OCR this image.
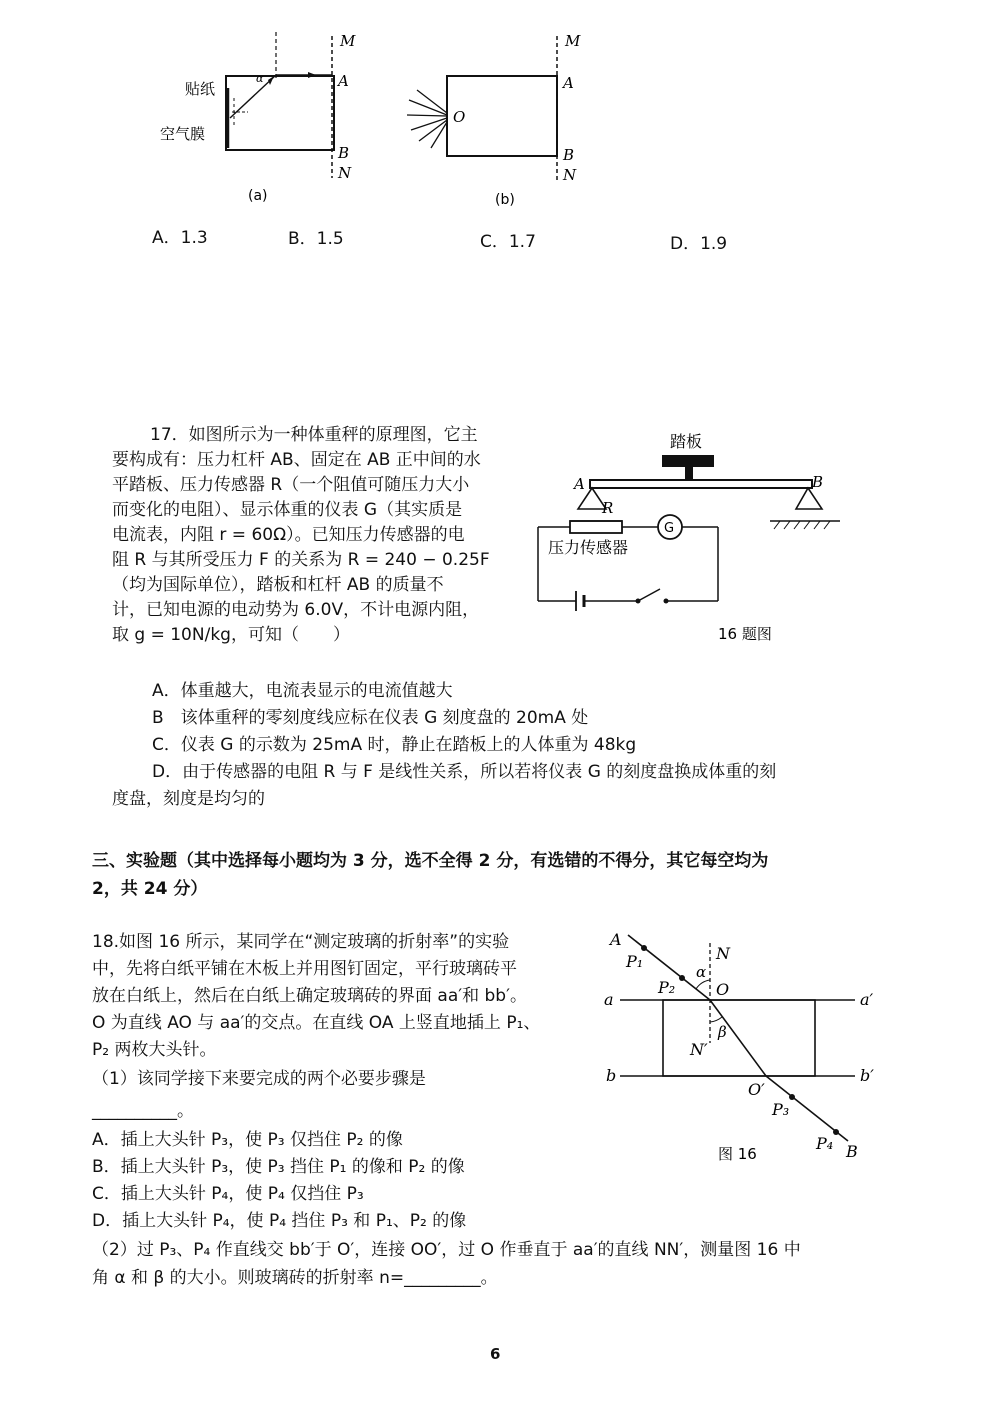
贴纸
空气膜
α
M
A
B
N
(a)
O
M
A
B
N
(b)
A．1.3	B．1.5	C．1.7	D．1.9
17．如图所示为一种体重秤的原理图，它主
要构成有：压力杠杆 AB、固定在 AB 正中间的水
平踏板、压力传感器 R（一个阻值可随压力大小
而变化的电阻）、显示体重的仪表 G（其实质是
电流表，内阻 r = 60Ω）。已知压力传感器的电
阻 R 与其所受压力 F 的关系为 R = 240 − 0.25F
（均为国际单位），踏板和杠杆 AB 的质量不
计，已知电源的电动势为 6.0V，不计电源内阻，
取 g = 10N/kg，可知（　　）
踏板
A	B
R
G
压力传感器
16 题图
A．体重越大，电流表显示的电流值越大
B　该体重秤的零刻度线应标在仪表 G 刻度盘的 20mA 处
C．仪表 G 的示数为 25mA 时，静止在踏板上的人体重为 48kg
D．由于传感器的电阻 R 与 F 是线性关系，所以若将仪表 G 的刻度盘换成体重的刻
度盘，刻度是均匀的
三、实验题（其中选择每小题均为 3 分，选不全得 2 分，有选错的不得分，其它每空均为
2，共 24 分）
18.如图 16 所示，某同学在“测定玻璃的折射率”的实验
中，先将白纸平铺在木板上并用图钉固定，平行玻璃砖平
放在白纸上，然后在白纸上确定玻璃砖的界面 aa′和 bb′。
O 为直线 AO 与 aa′的交点。在直线 OA 上竖直地插上 P₁、
P₂ 两枚大头针。
（1）该同学接下来要完成的两个必要步骤是
__________。
A．插上大头针 P₃，使 P₃ 仅挡住 P₂ 的像
B．插上大头针 P₃，使 P₃ 挡住 P₁ 的像和 P₂ 的像
C．插上大头针 P₄，使 P₄ 仅挡住 P₃
D．插上大头针 P₄，使 P₄ 挡住 P₃ 和 P₁、P₂ 的像
（2）过 P₃、P₄ 作直线交 bb′于 O′，连接 OO′，过 O 作垂直于 aa′的直线 NN′，测量图 16 中
角 α 和 β 的大小。则玻璃砖的折射率 n=_________。
A
P₁
P₂
N
α
O
a	a′
N′
β
b	b′
O′
P₃
P₄ B
图 16
6
